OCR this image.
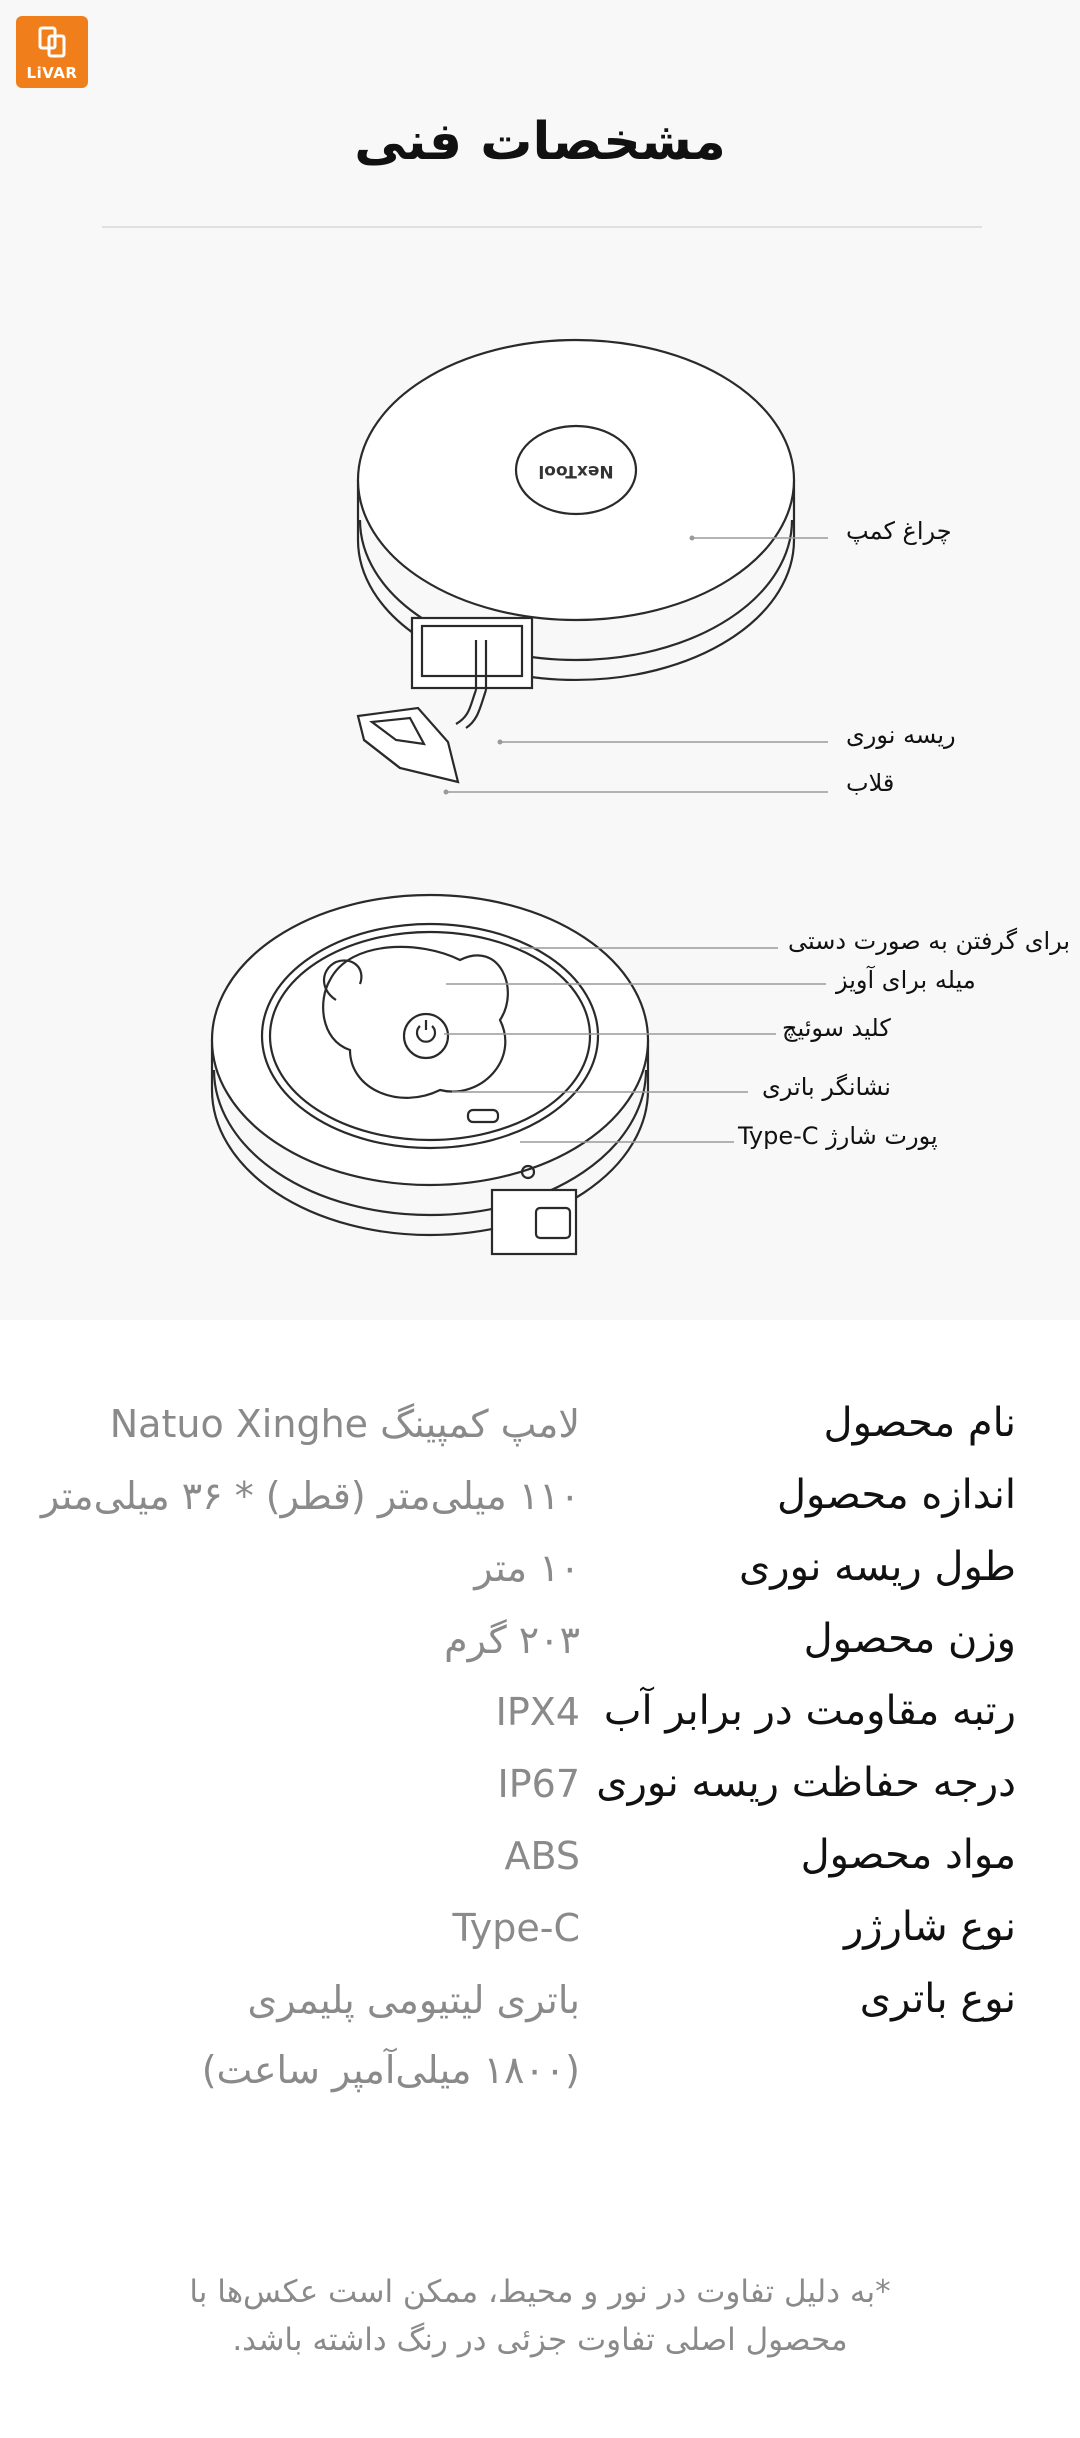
LiVAR
مشخصات فنی
NexTool
چراغ کمپ
ریسه نوری
قلاب
برای گرفتن به صورت دستی
میله برای آویز
کلید سوئیچ
نشانگر باتری
پورت شارژ Type-C
نام محصول
لامپ کمپینگ Natuo Xinghe
اندازه محصول
۱۱۰ میلی‌متر (قطر) * ۳۶ میلی‌متر
طول ریسه نوری
۱۰ متر
وزن محصول
۲۰۳ گرم
رتبه مقاومت در برابر آب
IPX4
درجه حفاظت ریسه نوری
IP67
مواد محصول
ABS
نوع شارژر
Type-C
نوع باتری
باتری لیتیومی پلیمری
(۱۸۰۰ میلی‌آمپر ساعت)
*به دلیل تفاوت در نور و محیط، ممکن است عکس‌ها با
محصول اصلی تفاوت جزئی در رنگ داشته باشد.
